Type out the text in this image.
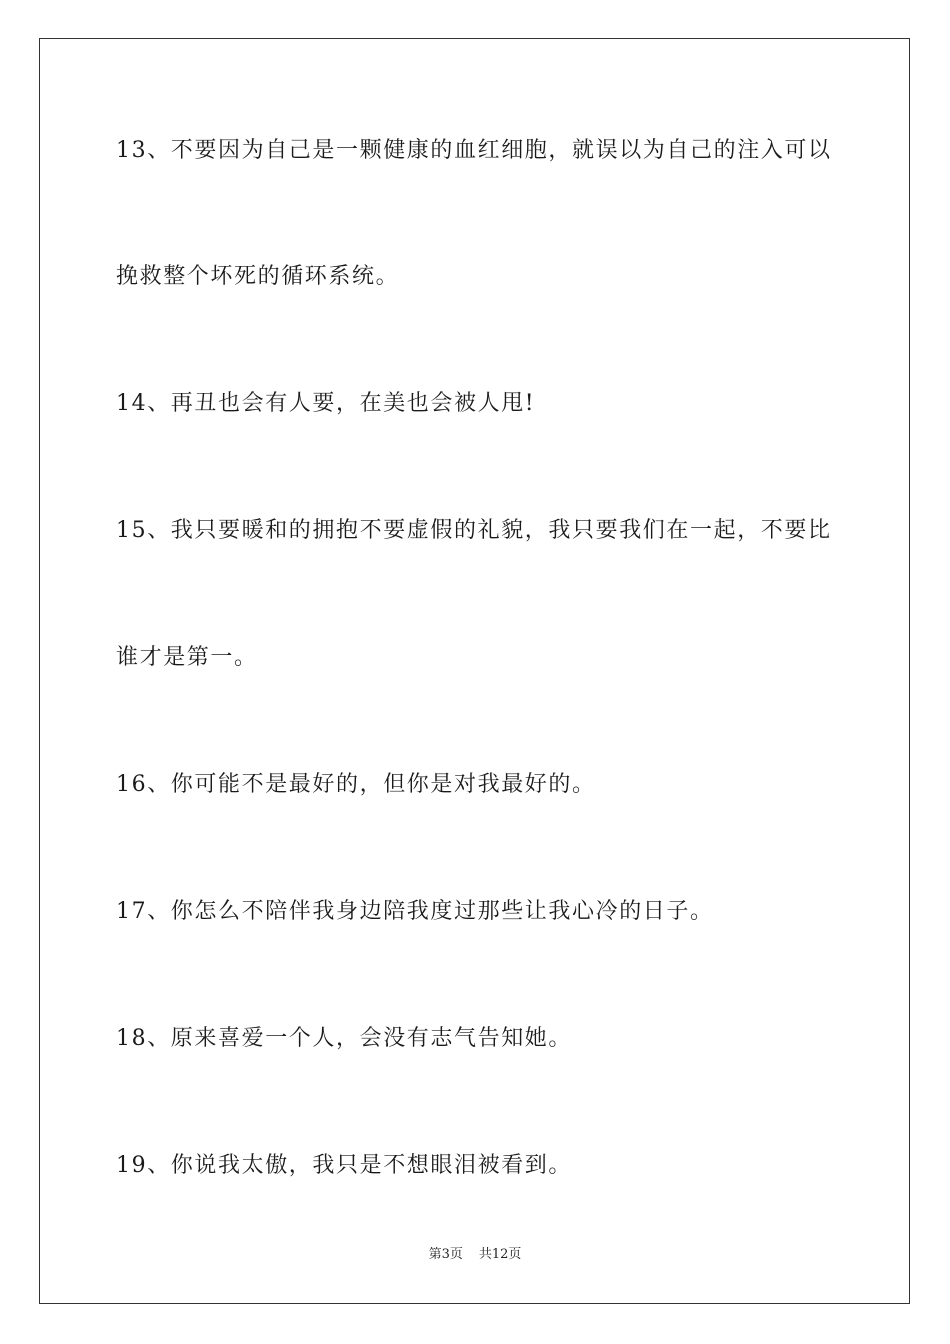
13、不要因为自己是一颗健康的血红细胞，就误以为自己的注入可以
挽救整个坏死的循环系统。
14、再丑也会有人要，在美也会被人甩!
15、我只要暖和的拥抱不要虚假的礼貌，我只要我们在一起，不要比
谁才是第一。
16、你可能不是最好的，但你是对我最好的。
17、你怎么不陪伴我身边陪我度过那些让我心冷的日子。
18、原来喜爱一个人，会没有志气告知她。
19、你说我太傲，我只是不想眼泪被看到。
第3页 共12页
